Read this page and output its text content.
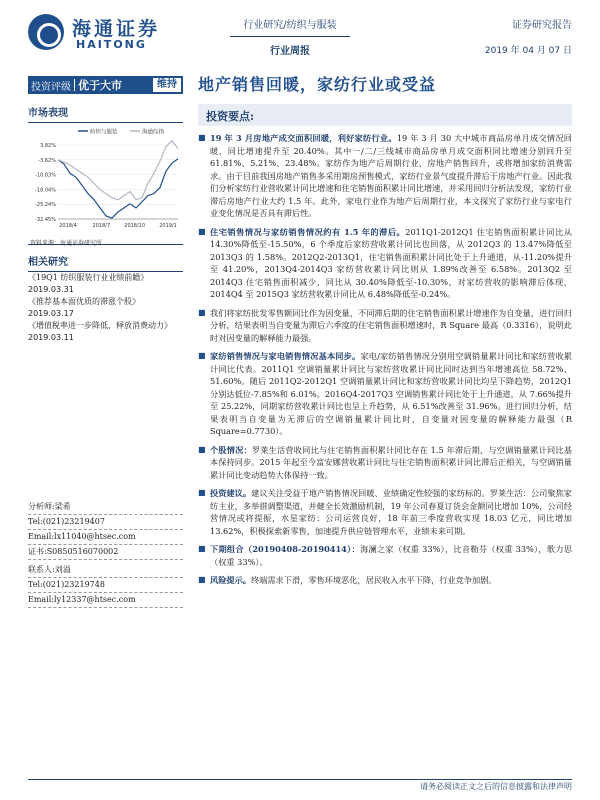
海通证券
HAITONG
行业研究/纺织与服装
行业周报
证券研究报告
2019 年 04 月 07 日
投资评级 优于大市	维持 地产销售回暖，家纺行业或受益
市场表现
纺织与服装	海通综指
3.82%
-3.62%
-10.83%
-18.04%
-25.24%
-32.45%
2018/4	2018/7	2018/10	2019/1
资料来源：海通证券研究所
相关研究
《19Q1 纺织服装行业业绩前瞻》
2019.03.31
《推荐基本面优质的滞涨个股》
2019.03.17
《增值税率进一步降低，释放消费动力》
2019.03.11
分析师:梁希
Tel:(021)23219407
Email:lx11040@htsec.com
证书:S0850516070002
联系人:刘溢
Tel:(021)23219748
Email:ly12337@htsec.com
投资要点:
■ 19 年 3 月房地产成交面积回暖，利好家纺行业。19 年 3 月 30 大中城市商品房单月成交情况回暖，同比增速提升至 20.40%。其中一/二/三线城市商品房单月成交面积同比增速分别回升至 61.81%、5.21%、23.48%。家纺作为地产后周期行业，房地产销售回升，或将增加家纺消费需求。由于目前我国房地产销售多采用期房预售模式，家纺行业景气度提升滞后于房地产行业。因此我们分析家纺行业营收累计同比增速和住宅销售面积累计同比增速，并采用回归分析法发现，家纺行业滞后房地产行业大约 1.5 年。此外，家电行业作为地产后周期行业，本文探究了家纺行业与家电行业变化情况是否具有滞后性。
■ 住宅销售情况与家纺销售情况约有 1.5 年的滞后。2011Q1-2012Q1 住宅销售面积累计同比从 14.30%降低至-15.50%，6 个季度后家纺营收累计同比也回落，从 2012Q3 的 13.47%降低至 2013Q3 的 1.58%。2012Q2-2013Q1，住宅销售面积累计同比处于上升通道，从-11.20%提升至 41.20%，2013Q4-2014Q3 家纺营收累计同比则从 1.89%改善至 6.58%。2013Q2 至 2014Q3 住宅销售面积减少，同比从 30.40%降低至-10.30%，对家纺营收的影响滞后体现，2014Q4 至 2015Q3 家纺营收累计同比从 6.48%降低至-0.24%。
■ 我们将家纺批发零售额同比作为因变量，不同滞后期的住宅销售面积累计增速作为自变量，进行回归分析，结果表明当自变量为滞后六季度的住宅销售面积增速时，R Square 最高（0.3316），说明此时对因变量的解释能力最强。
■ 家纺销售情况与家电销售情况基本同步。家电/家纺销售情况分别用空调销量累计同比和家纺营收累计同比代表。2011Q1 空调销量累计同比与家纺营收累计同比同时达到当年增速高位 58.72%、51.60%。随后 2011Q2-2012Q1 空调销量累计同比和家纺营收累计同比均呈下降趋势，2012Q1 分别达低位-7.85%和 6.01%。2016Q4-2017Q3 空调销售累计同比处于上升通道，从 7.66%提升至 25.22%，同期家纺营收累计同比也呈上升趋势，从 6.51%改善至 31.96%。进行回归分析，结果表明当自变量为无滞后的空调销量累计同比时，自变量对因变量的解释能力最强（R Square=0.7730）。
■ 个股情况：罗莱生活营收同比与住宅销售面积累计同比存在 1.5 年滞后期，与空调销量累计同比基本保持同步。2015 年起至今富安娜营收累计同比与住宅销售面积累计同比滞后正相关，与空调销量累计同比变动趋势大体保持一致。
■ 投资建议。建议关注受益于地产销售情况回暖、业绩确定性较强的家纺标的。罗莱生活：公司聚焦家纺主业，多举措调整渠道，并健全长效激励机制，19 年公司春夏订货会金额同比增加 10%，公司经营情况或将提振，水星家纺：公司运营良好，18 年前三季度营收实现 18.03 亿元，同比增加 13.62%，积极探索新零售，加速提升供应链管理水平，业绩未来可期。
■ 下期组合（20190408-20190414）：海澜之家（权重 33%），比音勒芬（权重 33%），歌力思（权重 33%）。
■ 风险提示。终端需求下滑，零售环境恶化，居民收入水平下降，行业竞争加剧。
请务必阅读正文之后的信息披露和法律声明
